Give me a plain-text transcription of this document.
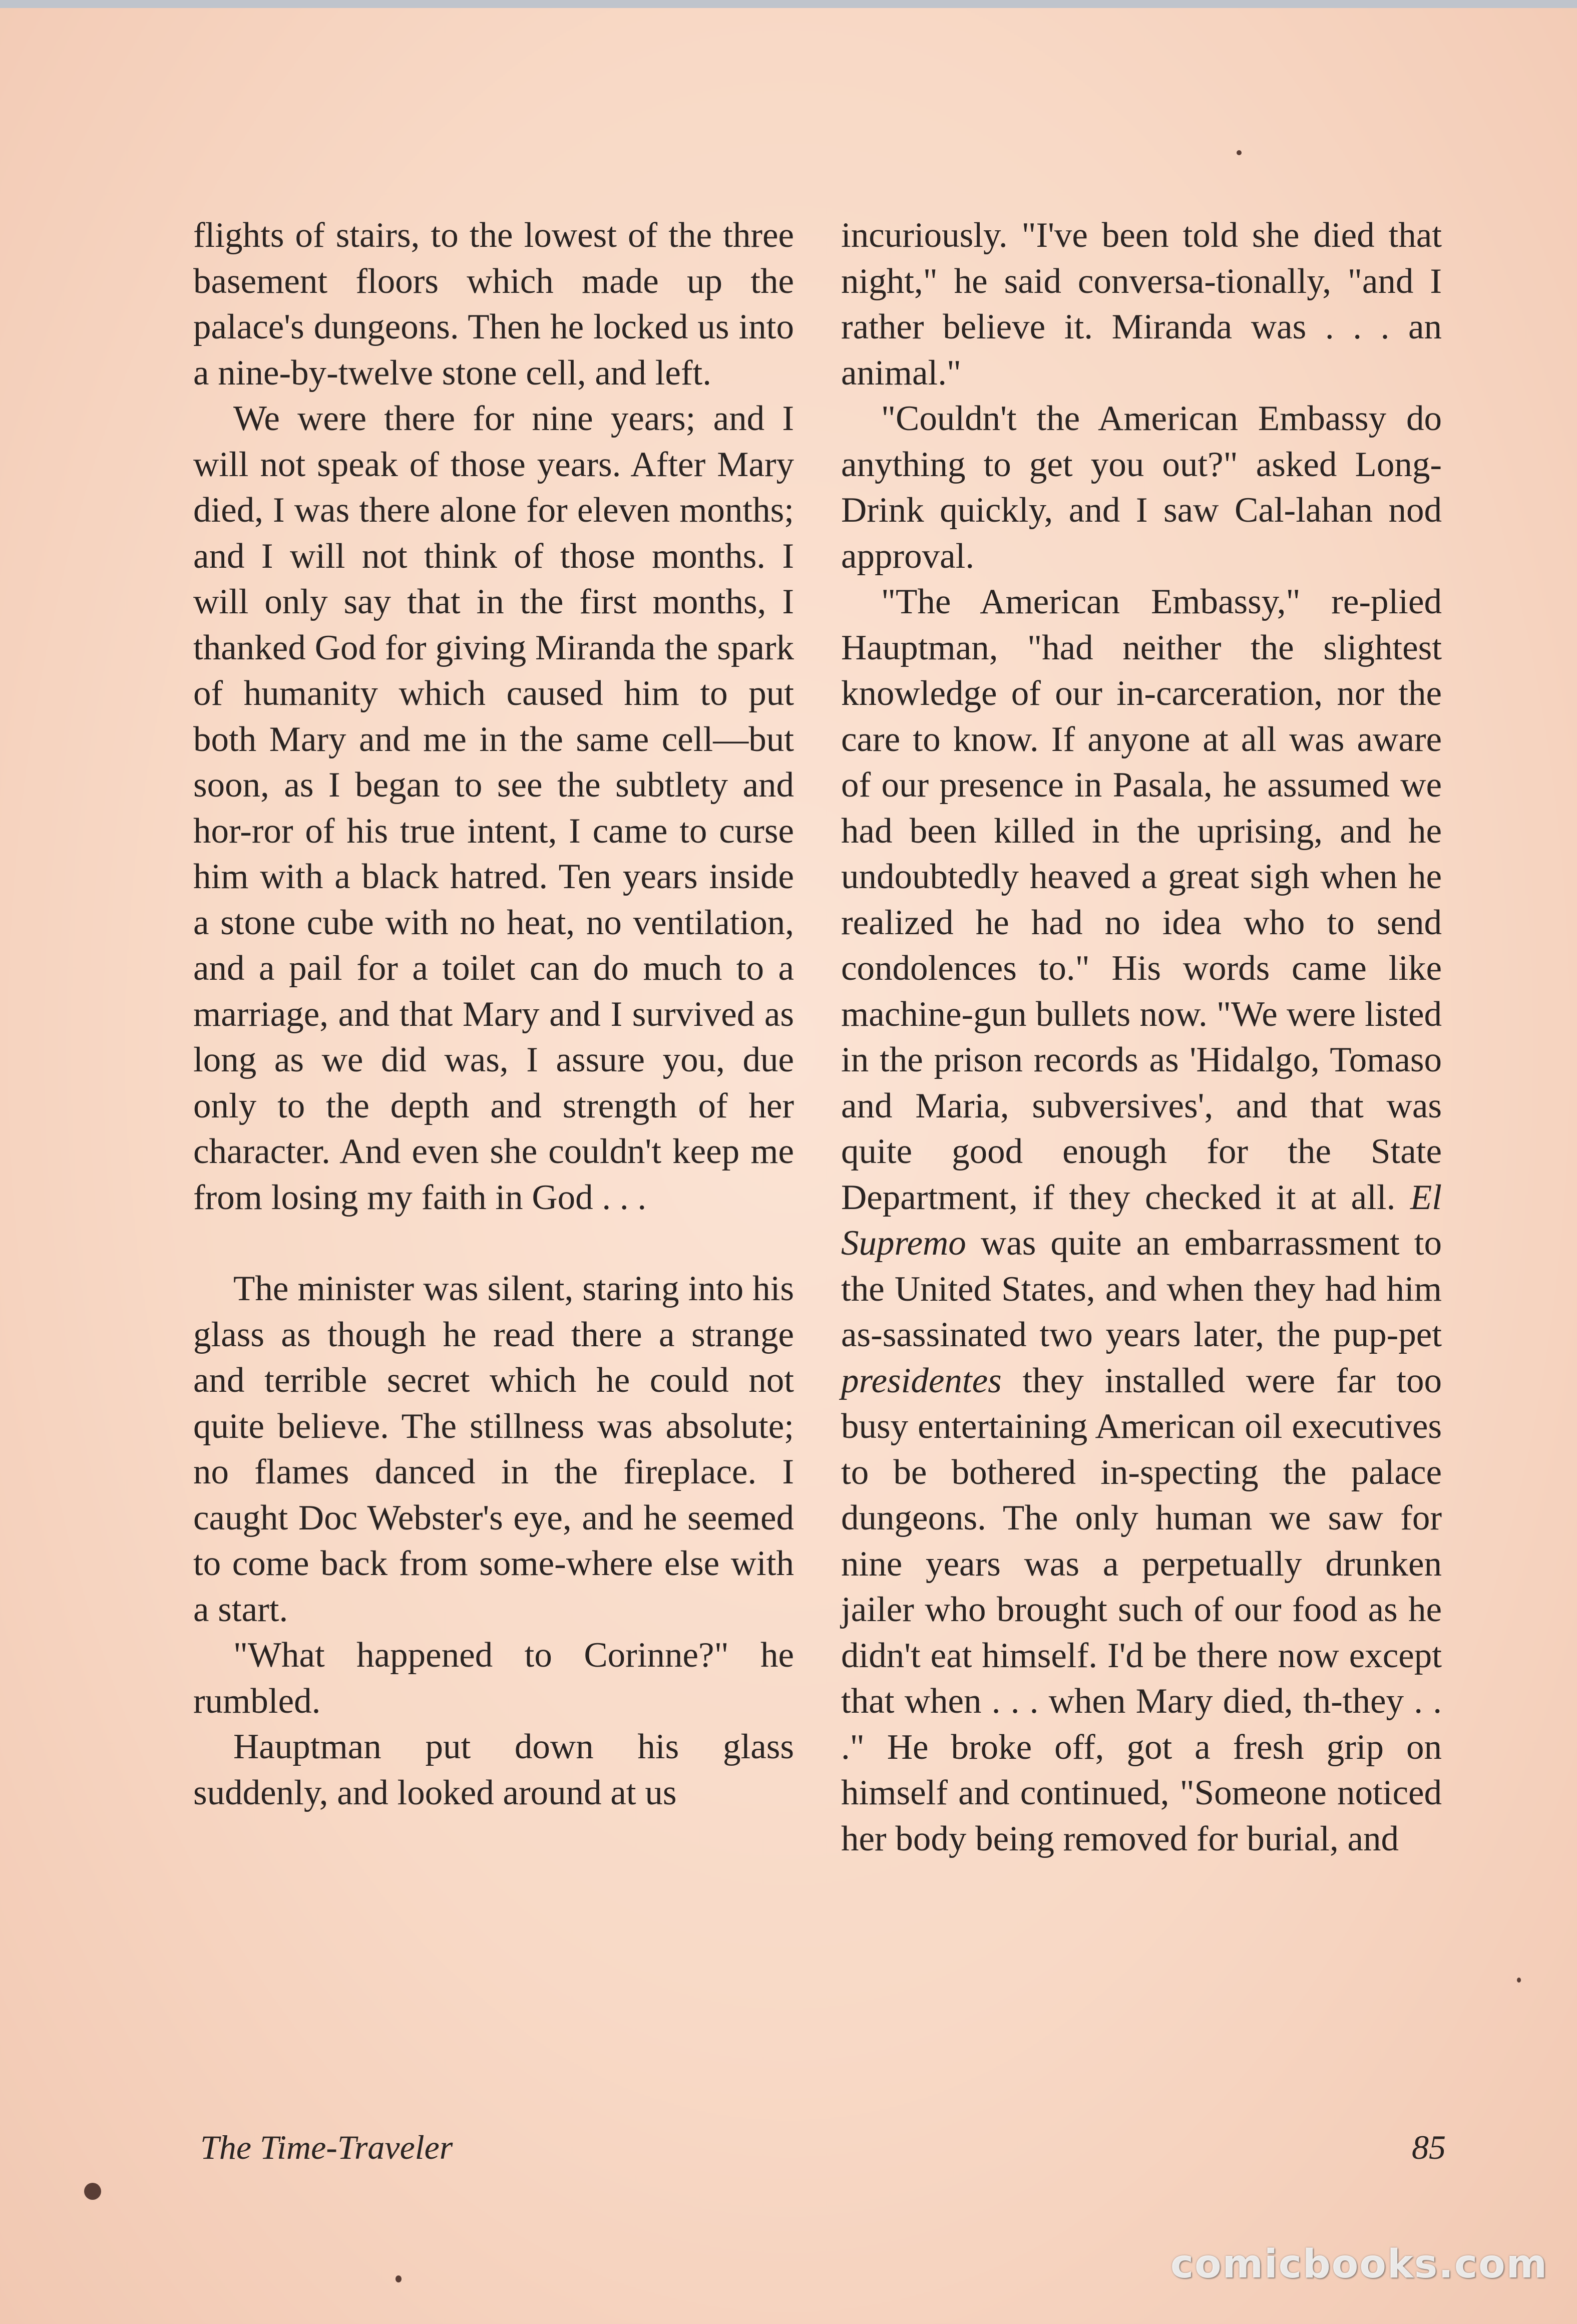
flights of stairs, to the lowest of the three basement floors which made up the palace's dungeons. Then he locked us into a nine-by-twelve stone cell, and left.

We were there for nine years; and I will not speak of those years. After Mary died, I was there alone for eleven months; and I will not think of those months. I will only say that in the first months, I thanked God for giving Miranda the spark of humanity which caused him to put both Mary and me in the same cell—but soon, as I began to see the subtlety and hor-ror of his true intent, I came to curse him with a black hatred. Ten years inside a stone cube with no heat, no ventilation, and a pail for a toilet can do much to a marriage, and that Mary and I survived as long as we did was, I assure you, due only to the depth and strength of her character. And even she couldn't keep me from losing my faith in God . . .

The minister was silent, staring into his glass as though he read there a strange and terrible secret which he could not quite believe. The stillness was absolute; no flames danced in the fireplace. I caught Doc Webster's eye, and he seemed to come back from some-where else with a start.

"What happened to Corinne?" he rumbled.

Hauptman put down his glass suddenly, and looked around at us

incuriously. "I've been told she died that night," he said conversa-tionally, "and I rather believe it. Miranda was . . . an animal."

"Couldn't the American Embassy do anything to get you out?" asked Long-Drink quickly, and I saw Cal-lahan nod approval.

"The American Embassy," re-plied Hauptman, "had neither the slightest knowledge of our in-carceration, nor the care to know. If anyone at all was aware of our presence in Pasala, he assumed we had been killed in the uprising, and he undoubtedly heaved a great sigh when he realized he had no idea who to send condolences to." His words came like machine-gun bullets now. "We were listed in the prison records as 'Hidalgo, Tomaso and Maria, subversives', and that was quite good enough for the State Department, if they checked it at all. El Supremo was quite an embarrassment to the United States, and when they had him as-sassinated two years later, the pup-pet presidentes they installed were far too busy entertaining American oil executives to be bothered in-specting the palace dungeons. The only human we saw for nine years was a perpetually drunken jailer who brought such of our food as he didn't eat himself. I'd be there now except that when . . . when Mary died, th-they . . ." He broke off, got a fresh grip on himself and continued, "Someone noticed her body being removed for burial, and

The Time-Traveler	85
comicbooks.com
